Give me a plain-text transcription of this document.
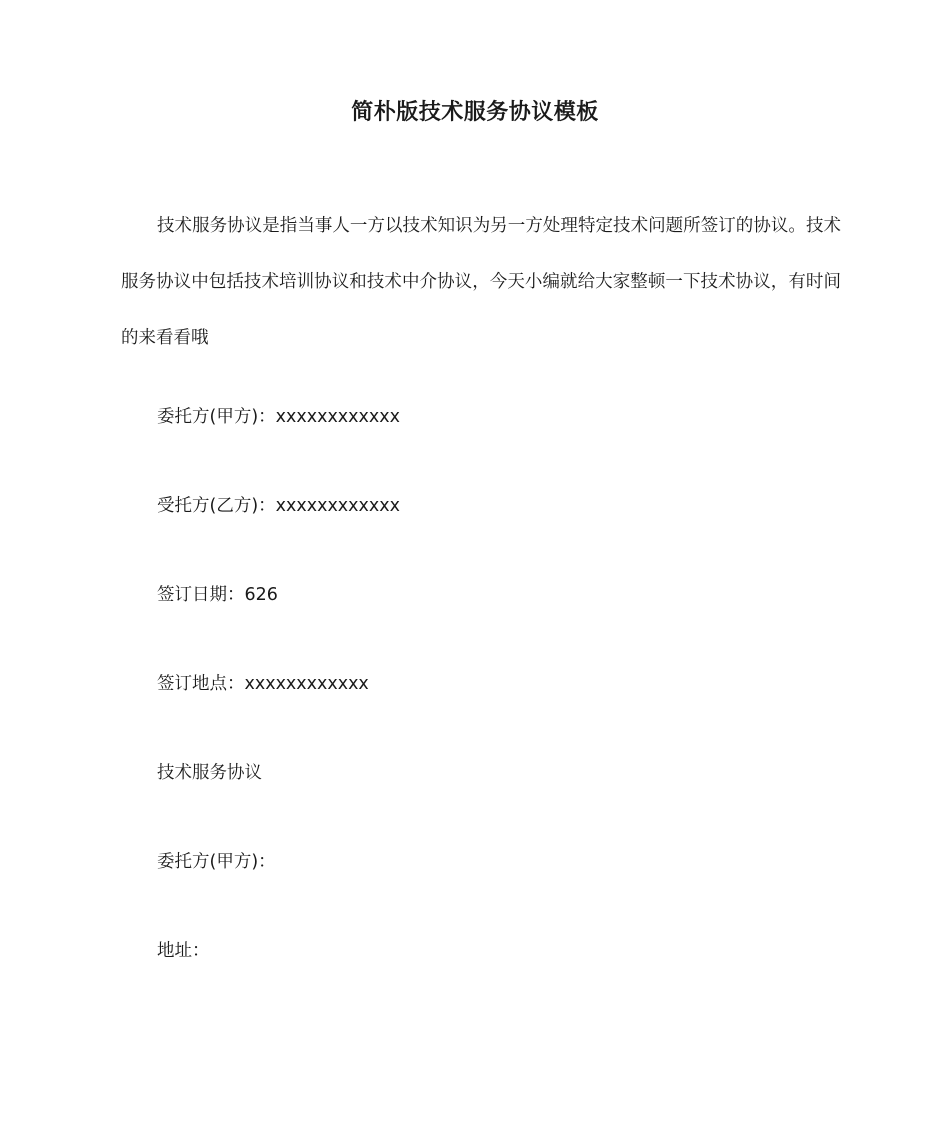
简朴版技术服务协议模板

技术服务协议是指当事人一方以技术知识为另一方处理特定技术问题所签订的协议。技术服务协议中包括技术培训协议和技术中介协议，今天小编就给大家整顿一下技术协议，有时间的来看看哦

委托方(甲方)：xxxxxxxxxxxx

受托方(乙方)：xxxxxxxxxxxx

签订日期：626

签订地点：xxxxxxxxxxxx

技术服务协议

委托方(甲方)：

地址：
